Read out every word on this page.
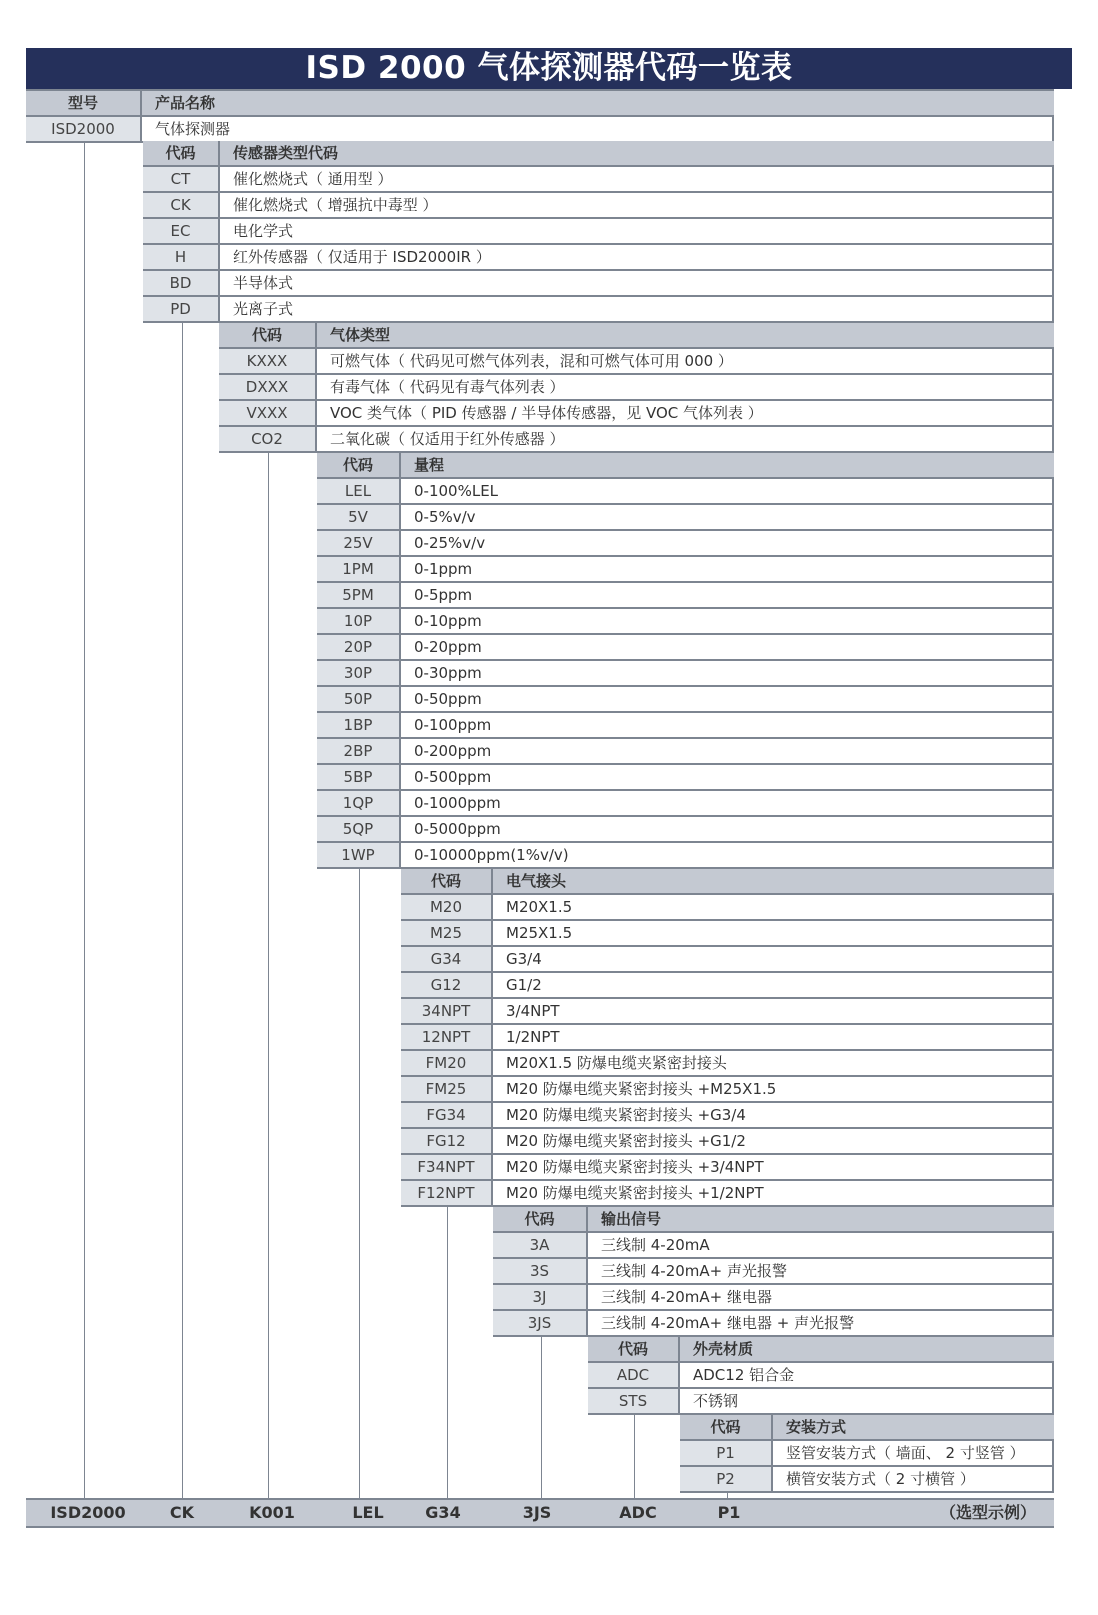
ISD 2000 气体探测器代码一览表
型号	产品名称
ISD2000	气体探测器
代码	传感器类型代码
CT	催化燃烧式（ 通用型 ）
CK	催化燃烧式（ 增强抗中毒型 ）
EC	电化学式
H	红外传感器（ 仅适用于 ISD2000IR ）
BD	半导体式
PD	光离子式
代码	气体类型
KXXX	可燃气体（ 代码见可燃气体列表，混和可燃气体可用 000 ）
DXXX	有毒气体（ 代码见有毒气体列表 ）
VXXX	VOC 类气体（ PID 传感器 / 半导体传感器，见 VOC 气体列表 ）
CO2	二氧化碳（ 仅适用于红外传感器 ）
代码	量程
LEL	0-100%LEL
5V	0-5%v/v
25V	0-25%v/v
1PM	0-1ppm
5PM	0-5ppm
10P	0-10ppm
20P	0-20ppm
30P	0-30ppm
50P	0-50ppm
1BP	0-100ppm
2BP	0-200ppm
5BP	0-500ppm
1QP	0-1000ppm
5QP	0-5000ppm
1WP	0-10000ppm(1%v/v)
代码	电气接头
M20	M20X1.5
M25	M25X1.5
G34	G3/4
G12	G1/2
34NPT	3/4NPT
12NPT	1/2NPT
FM20	M20X1.5 防爆电缆夹紧密封接头
FM25	M20 防爆电缆夹紧密封接头 +M25X1.5
FG34	M20 防爆电缆夹紧密封接头 +G3/4
FG12	M20 防爆电缆夹紧密封接头 +G1/2
F34NPT	M20 防爆电缆夹紧密封接头 +3/4NPT
F12NPT	M20 防爆电缆夹紧密封接头 +1/2NPT
代码	输出信号
3A	三线制 4-20mA
3S	三线制 4-20mA+ 声光报警
3J	三线制 4-20mA+ 继电器
3JS	三线制 4-20mA+ 继电器 + 声光报警
代码	外壳材质
ADC	ADC12 铝合金
STS	不锈钢
代码	安装方式
P1	竖管安装方式（ 墙面、 2 寸竖管 ）
P2	横管安装方式（ 2 寸横管 ）
ISD2000	CK	K001	LEL	G34	3JS	ADC	P1	（选型示例）
